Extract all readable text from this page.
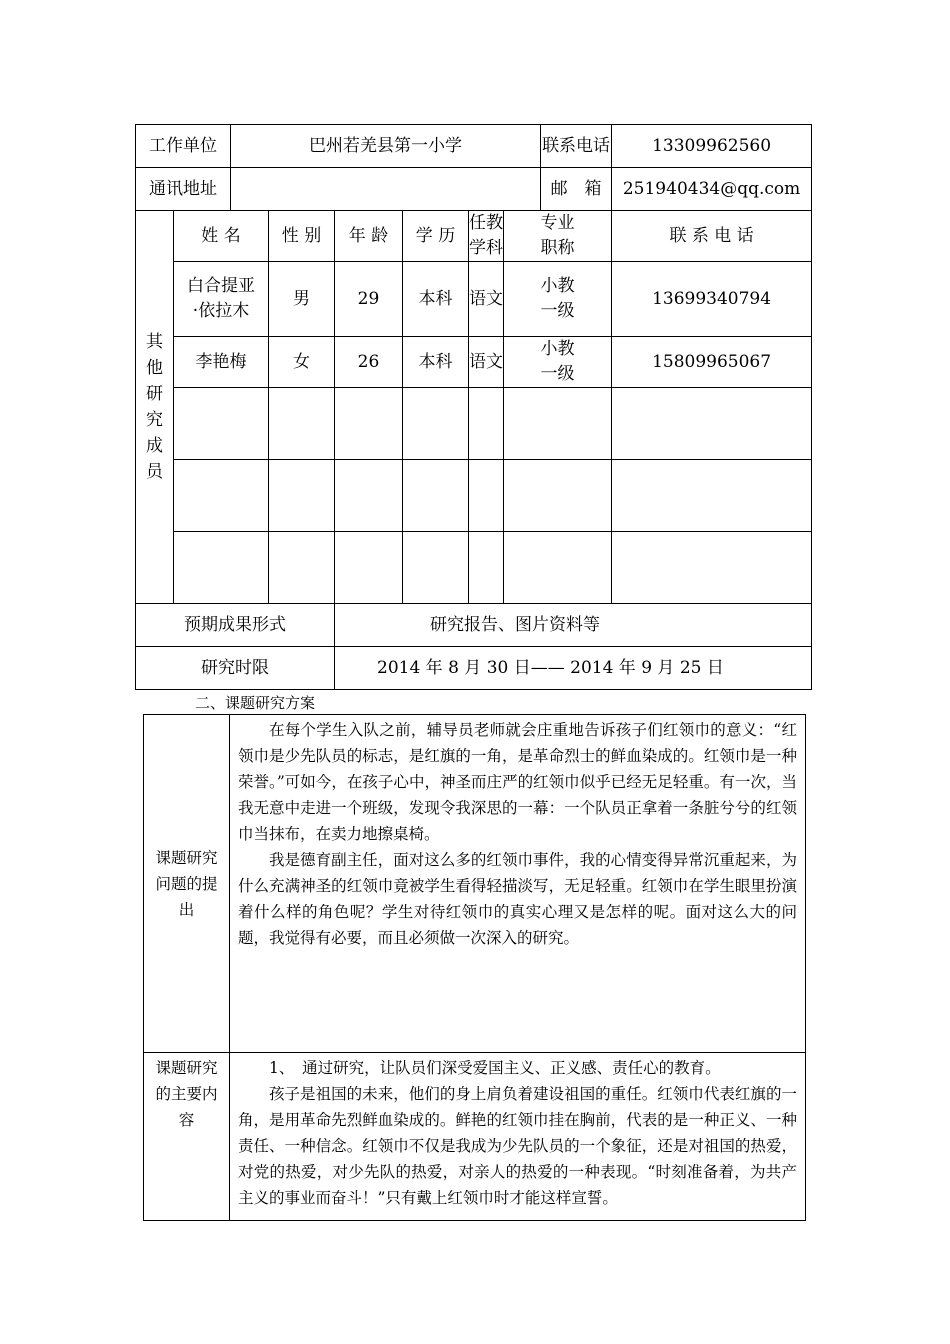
工作单位		巴州若羌县第一小学						联系电话	13309962560
通讯地址								邮　箱	251940434@qq.com

其他研究成员	姓 名		性 别	年 龄	学 历	任教学科	专业职称		联 系 电 话

	白合提亚·依拉木		男	29	本科	语文	小教一级		13699340794
	李艳梅		女	26	本科	语文	小教一级		15809965067

预期成果形式				研究报告、图片资料等					
研究时限				2014 年 8 月 30 日—— 2014 年 9 月 25 日					
二、课题研究方案
课题研究问题的提出	在每个学生入队之前，辅导员老师就会庄重地告诉孩子们红领巾的意义：“红领巾是少先队员的标志，是红旗的一角，是革命烈士的鲜血染成的。红领巾是一种荣誉。”可如今，在孩子心中，神圣而庄严的红领巾似乎已经无足轻重。有一次，当我无意中走进一个班级，发现令我深思的一幕：一个队员正拿着一条脏兮兮的红领巾当抹布，在卖力地擦桌椅。

我是德育副主任，面对这么多的红领巾事件，我的心情变得异常沉重起来，为什么充满神圣的红领巾竟被学生看得轻描淡写，无足轻重。红领巾在学生眼里扮演着什么样的角色呢？学生对待红领巾的真实心理又是怎样的呢。面对这么大的问题，我觉得有必要，而且必须做一次深入的研究。

课题研究的主要内容	1、　通过研究，让队员们深受爱国主义、正义感、责任心的教育。

孩子是祖国的未来，他们的身上肩负着建设祖国的重任。红领巾代表红旗的一角，是用革命先烈鲜血染成的。鲜艳的红领巾挂在胸前，代表的是一种正义、一种责任、一种信念。红领巾不仅是我成为少先队员的一个象征，还是对祖国的热爱，对党的热爱，对少先队的热爱，对亲人的热爱的一种表现。“时刻准备着，为共产主义的事业而奋斗！”只有戴上红领巾时才能这样宣誓。
